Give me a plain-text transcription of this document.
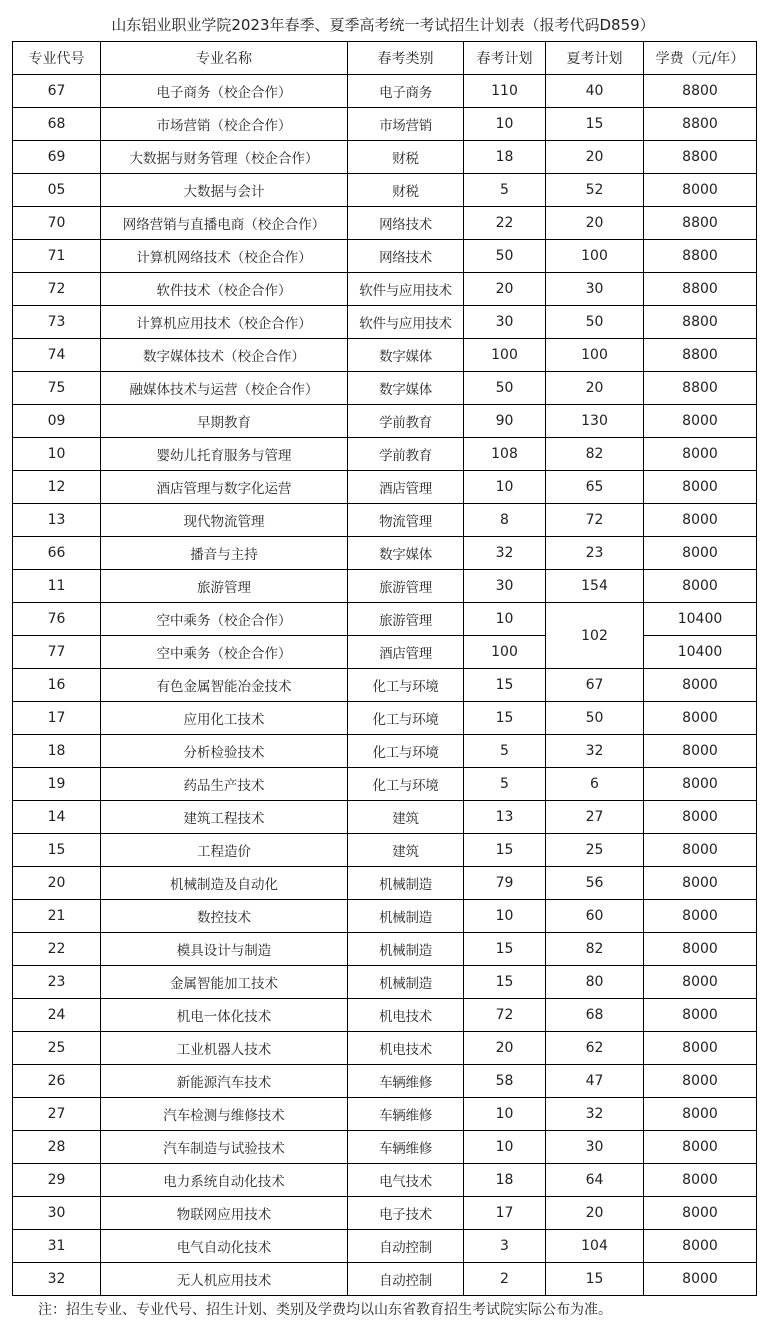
山东铝业职业学院2023年春季、夏季高考统一考试招生计划表（报考代码D859）
专业代号	专业名称	春考类别	春考计划	夏考计划	学费（元/年）
67	电子商务（校企合作）	电子商务	110	40	8800
68	市场营销（校企合作）	市场营销	10	15	8800
69	大数据与财务管理（校企合作）	财税	18	20	8800
05	大数据与会计	财税	5	52	8000
70	网络营销与直播电商（校企合作）	网络技术	22	20	8800
71	计算机网络技术（校企合作）	网络技术	50	100	8800
72	软件技术（校企合作）	软件与应用技术	20	30	8800
73	计算机应用技术（校企合作）	软件与应用技术	30	50	8800
74	数字媒体技术（校企合作）	数字媒体	100	100	8800
75	融媒体技术与运营（校企合作）	数字媒体	50	20	8800
09	早期教育	学前教育	90	130	8000
10	婴幼儿托育服务与管理	学前教育	108	82	8000
12	酒店管理与数字化运营	酒店管理	10	65	8000
13	现代物流管理	物流管理	8	72	8000
66	播音与主持	数字媒体	32	23	8000
11	旅游管理	旅游管理	30	154	8000
76	空中乘务（校企合作）	旅游管理	10	102	10400
77	空中乘务（校企合作）	酒店管理	100		10400
16	有色金属智能冶金技术	化工与环境	15	67	8000
17	应用化工技术	化工与环境	15	50	8000
18	分析检验技术	化工与环境	5	32	8000
19	药品生产技术	化工与环境	5	6	8000
14	建筑工程技术	建筑	13	27	8000
15	工程造价	建筑	15	25	8000
20	机械制造及自动化	机械制造	79	56	8000
21	数控技术	机械制造	10	60	8000
22	模具设计与制造	机械制造	15	82	8000
23	金属智能加工技术	机械制造	15	80	8000
24	机电一体化技术	机电技术	72	68	8000
25	工业机器人技术	机电技术	20	62	8000
26	新能源汽车技术	车辆维修	58	47	8000
27	汽车检测与维修技术	车辆维修	10	32	8000
28	汽车制造与试验技术	车辆维修	10	30	8000
29	电力系统自动化技术	电气技术	18	64	8000
30	物联网应用技术	电子技术	17	20	8000
31	电气自动化技术	自动控制	3	104	8000
32	无人机应用技术	自动控制	2	15	8000
注：招生专业、专业代号、招生计划、类别及学费均以山东省教育招生考试院实际公布为准。
